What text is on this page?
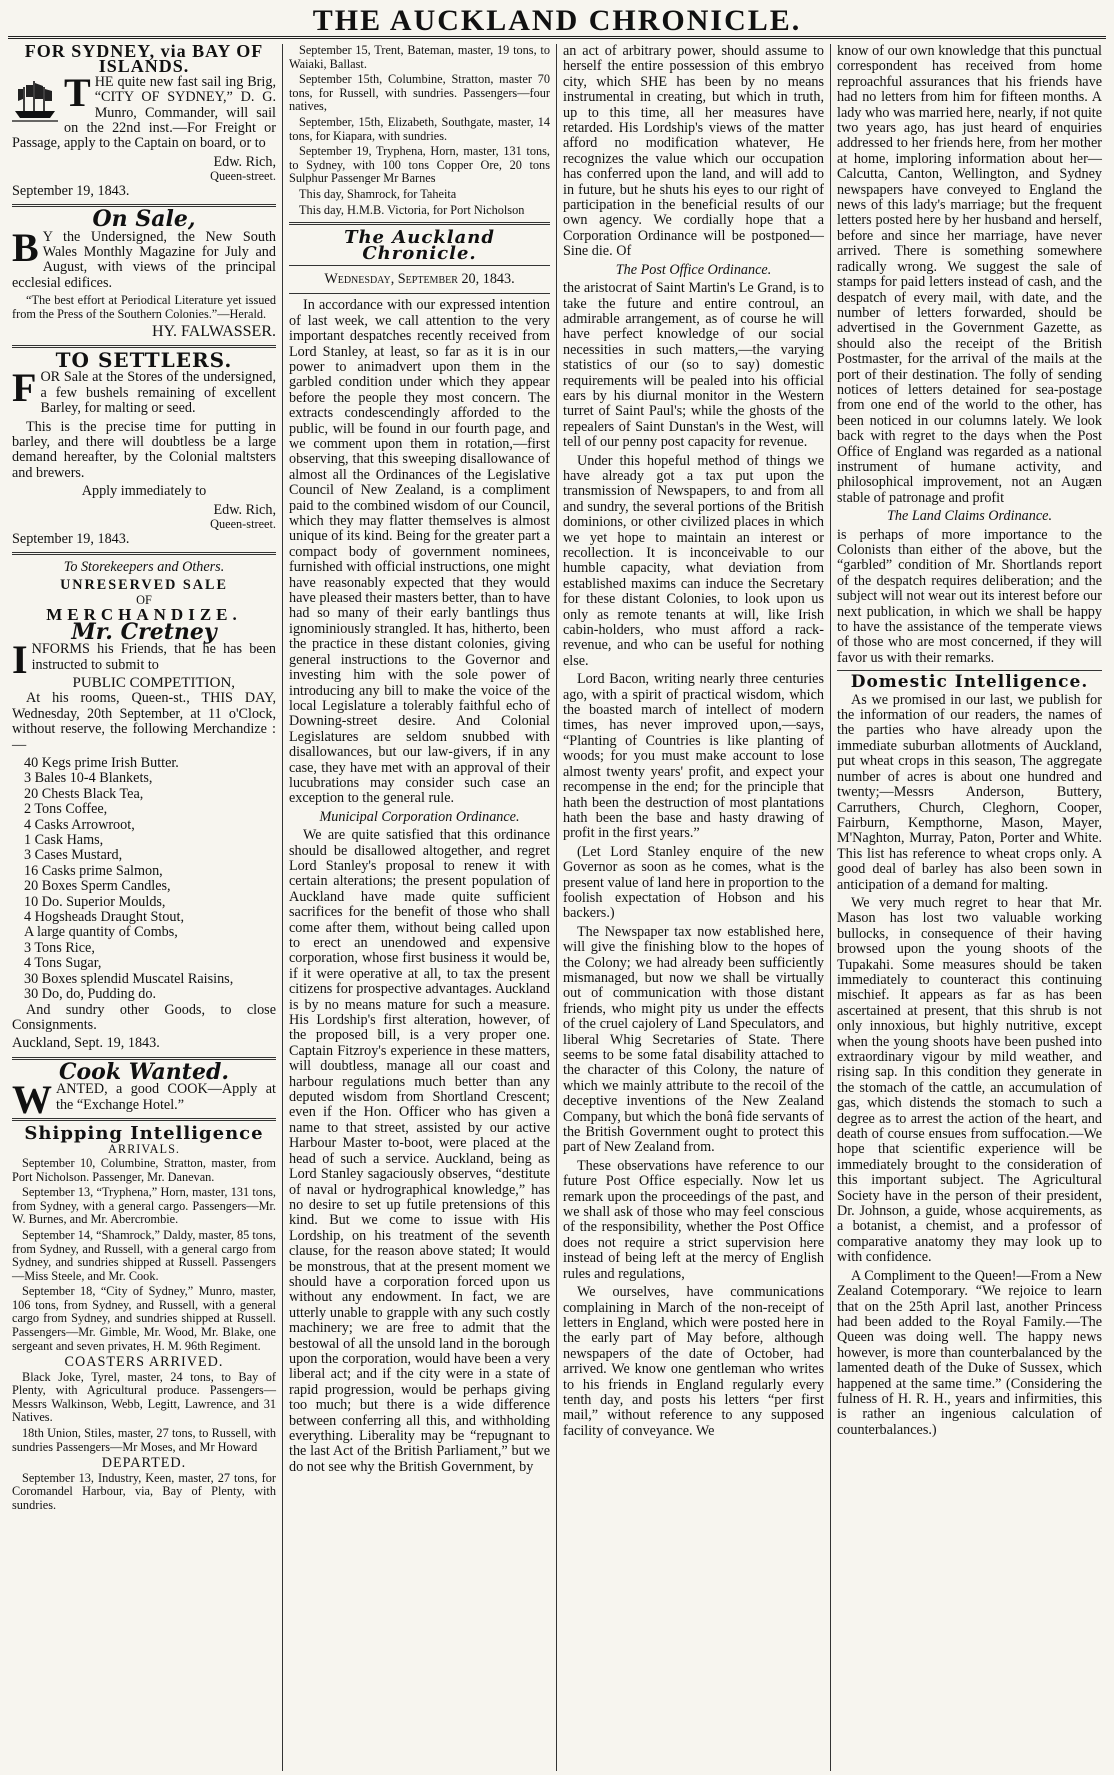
THE AUCKLAND CHRONICLE.
FOR SYDNEY, via BAY OF ISLANDS.

THE quite new fast sail ing Brig, “CITY OF SYDNEY,” D. G. Munro, Commander, will sail on the 22nd inst.—For Freight or Passage, apply to the Captain on board, or to

Edw. Rich,
Queen-street.
September 19, 1843.
On Sale,

B Y the Undersigned, the New South Wales Monthly Magazine for July and August, with views of the principal ecclesial edifices.

“The best effort at Periodical Literature yet issued from the Press of the Southern Colonies.”—Herald.

HY. FALWASSER.
TO SETTLERS.

FOR Sale at the Stores of the undersigned, a few bushels remaining of excellent Barley, for malting or seed.

This is the precise time for putting in barley, and there will doubtless be a large demand hereafter, by the Colonial maltsters and brewers.

Apply immediately to

Edw. Rich,
Queen-street.
September 19, 1843.
To Storekeepers and Others.
UNRESERVED SALE
OF
MERCHANDIZE.
Mr. Cretney

INFORMS his Friends, that he has been instructed to submit to

PUBLIC COMPETITION,

At his rooms, Queen-st., THIS DAY, Wednesday, 20th September, at 11 o'Clock, without reserve, the following Merchandize :—

40 Kegs prime Irish Butter.
3 Bales 10-4 Blankets,
20 Chests Black Tea,
2 Tons Coffee,
4 Casks Arrowroot,
1 Cask Hams,
3 Cases Mustard,
16 Casks prime Salmon,
20 Boxes Sperm Candles,
10 Do. Superior Moulds,
4 Hogsheads Draught Stout,
A large quantity of Combs,
3 Tons Rice,
4 Tons Sugar,
30 Boxes splendid Muscatel Raisins,
30 Do, do, Pudding do.

And sundry other Goods, to close Consignments.

Auckland, Sept. 19, 1843.
Cook Wanted.

WANTED, a good COOK—Apply at the “Exchange Hotel.”

Shipping Intelligence
ARRIVALS.

September 10, Columbine, Stratton, master, from Port Nicholson. Passenger, Mr. Danevan.

September 13, “Tryphena,” Horn, master, 131 tons, from Sydney, with a general cargo. Passengers—Mr. W. Burnes, and Mr. Abercrombie.

September 14, “Shamrock,” Daldy, master, 85 tons, from Sydney, and Russell, with a general cargo from Sydney, and sundries shipped at Russell. Passengers—Miss Steele, and Mr. Cook.

September 18, “City of Sydney,” Munro, master, 106 tons, from Sydney, and Russell, with a general cargo from Sydney, and sundries shipped at Russell. Passengers—Mr. Gimble, Mr. Wood, Mr. Blake, one sergeant and seven privates, H. M. 96th Regiment.

COASTERS ARRIVED.

Black Joke, Tyrel, master, 24 tons, to Bay of Plenty, with Agricultural produce. Passengers—Messrs Walkinson, Webb, Legitt, Lawrence, and 31 Natives.

18th Union, Stiles, master, 27 tons, to Russell, with sundries Passengers—Mr Moses, and Mr Howard

DEPARTED.

September 13, Industry, Keen, master, 27 tons, for Coromandel Harbour, via, Bay of Plenty, with sundries.

September 15, Trent, Bateman, master, 19 tons, to Waiaki, Ballast.

September 15th, Columbine, Stratton, master 70 tons, for Russell, with sundries. Passengers—four natives,

September, 15th, Elizabeth, Southgate, master, 14 tons, for Kiapara, with sundries.

September 19, Tryphena, Horn, master, 131 tons, to Sydney, with 100 tons Copper Ore, 20 tons Sulphur Passenger Mr Barnes

This day, Shamrock, for Taheita

This day, H.M.B. Victoria, for Port Nicholson

The Auckland Chronicle.
Wednesday, September 20, 1843.

In accordance with our expressed intention of last week, we call attention to the very important despatches recently received from Lord Stanley, at least, so far as it is in our power to animadvert upon them in the garbled condition under which they appear before the people they most concern. The extracts condescendingly afforded to the public, will be found in our fourth page, and we comment upon them in rotation,—first observing, that this sweeping disallowance of almost all the Ordinances of the Legislative Council of New Zealand, is a compliment paid to the combined wisdom of our Council, which they may flatter themselves is almost unique of its kind. Being for the greater part a compact body of government nominees, furnished with official instructions, one might have reasonably expected that they would have pleased their masters better, than to have had so many of their early bantlings thus ignominiously strangled. It has, hitherto, been the practice in these distant colonies, giving general instructions to the Governor and investing him with the sole power of introducing any bill to make the voice of the local Legislature a tolerably faithful echo of Downing-street desire. And Colonial Legislatures are seldom snubbed with disallowances, but our law-givers, if in any case, they have met with an approval of their lucubrations may consider such case an exception to the general rule.

Municipal Corporation Ordinance.

We are quite satisfied that this ordinance should be disallowed altogether, and regret Lord Stanley's proposal to renew it with certain alterations; the present population of Auckland have made quite sufficient sacrifices for the benefit of those who shall come after them, without being called upon to erect an unendowed and expensive corporation, whose first business it would be, if it were operative at all, to tax the present citizens for prospective advantages. Auckland is by no means mature for such a measure. His Lordship's first alteration, however, of the proposed bill, is a very proper one. Captain Fitzroy's experience in these matters, will doubtless, manage all our coast and harbour regulations much better than any deputed wisdom from Shortland Crescent; even if the Hon. Officer who has given a name to that street, assisted by our active Harbour Master to-boot, were placed at the head of such a service. Auckland, being as Lord Stanley sagaciously observes, “destitute of naval or hydrographical knowledge,” has no desire to set up futile pretensions of this kind. But we come to issue with His Lordship, on his treatment of the seventh clause, for the reason above stated; It would be monstrous, that at the present moment we should have a corporation forced upon us without any endowment. In fact, we are utterly unable to grapple with any such costly machinery; we are free to admit that the bestowal of all the unsold land in the borough upon the corporation, would have been a very liberal act; and if the city were in a state of rapid progression, would be perhaps giving too much; but there is a wide difference between conferring all this, and withholding everything. Liberality may be “repugnant to the last Act of the British Parliament,” but we do not see why the British Government, by

an act of arbitrary power, should assume to herself the entire possession of this embryo city, which SHE has been by no means instrumental in creating, but which in truth, up to this time, all her measures have retarded. His Lordship's views of the matter afford no modification whatever, He recognizes the value which our occupation has conferred upon the land, and will add to in future, but he shuts his eyes to our right of participation in the beneficial results of our own agency. We cordially hope that a Corporation Ordinance will be postponed—Sine die. Of

The Post Office Ordinance.

the aristocrat of Saint Martin's Le Grand, is to take the future and entire controul, an admirable arrangement, as of course he will have perfect knowledge of our social necessities in such matters,—the varying statistics of our (so to say) domestic requirements will be pealed into his official ears by his diurnal monitor in the Western turret of Saint Paul's; while the ghosts of the repealers of Saint Dunstan's in the West, will tell of our penny post capacity for revenue.

Under this hopeful method of things we have already got a tax put upon the transmission of Newspapers, to and from all and sundry, the several portions of the British dominions, or other civilized places in which we yet hope to maintain an interest or recollection. It is inconceivable to our humble capacity, what deviation from established maxims can induce the Secretary for these distant Colonies, to look upon us only as remote tenants at will, like Irish cabin-holders, who must afford a rack-revenue, and who can be useful for nothing else.

Lord Bacon, writing nearly three centuries ago, with a spirit of practical wisdom, which the boasted march of intellect of modern times, has never improved upon,—says, “Planting of Countries is like planting of woods; for you must make account to lose almost twenty years' profit, and expect your recompense in the end; for the principle that hath been the destruction of most plantations hath been the base and hasty drawing of profit in the first years.”

(Let Lord Stanley enquire of the new Governor as soon as he comes, what is the present value of land here in proportion to the foolish expectation of Hobson and his backers.)

The Newspaper tax now established here, will give the finishing blow to the hopes of the Colony; we had already been sufficiently mismanaged, but now we shall be virtually out of communication with those distant friends, who might pity us under the effects of the cruel cajolery of Land Speculators, and liberal Whig Secretaries of State. There seems to be some fatal disability attached to the character of this Colony, the nature of which we mainly attribute to the recoil of the deceptive inventions of the New Zealand Company, but which the bonâ fide servants of the British Government ought to protect this part of New Zealand from.

These observations have reference to our future Post Office especially. Now let us remark upon the proceedings of the past, and we shall ask of those who may feel conscious of the responsibility, whether the Post Office does not require a strict supervision here instead of being left at the mercy of English rules and regulations,

We ourselves, have communications complaining in March of the non-receipt of letters in England, which were posted here in the early part of May before, although newspapers of the date of October, had arrived. We know one gentleman who writes to his friends in England regularly every tenth day, and posts his letters “per first mail,” without reference to any supposed facility of conveyance. We

know of our own knowledge that this punctual correspondent has received from home reproachful assurances that his friends have had no letters from him for fifteen months. A lady who was married here, nearly, if not quite two years ago, has just heard of enquiries addressed to her friends here, from her mother at home, imploring information about her—Calcutta, Canton, Wellington, and Sydney newspapers have conveyed to England the news of this lady's marriage; but the frequent letters posted here by her husband and herself, before and since her marriage, have never arrived. There is something somewhere radically wrong. We suggest the sale of stamps for paid letters instead of cash, and the despatch of every mail, with date, and the number of letters forwarded, should be advertised in the Government Gazette, as should also the receipt of the British Postmaster, for the arrival of the mails at the port of their destination. The folly of sending notices of letters detained for sea-postage from one end of the world to the other, has been noticed in our columns lately. We look back with regret to the days when the Post Office of England was regarded as a national instrument of humane activity, and philosophical improvement, not an Augæn stable of patronage and profit

The Land Claims Ordinance.

is perhaps of more importance to the Colonists than either of the above, but the “garbled” condition of Mr. Shortlands report of the despatch requires deliberation; and the subject will not wear out its interest before our next publication, in which we shall be happy to have the assistance of the temperate views of those who are most concerned, if they will favor us with their remarks.

Domestic Intelligence.

As we promised in our last, we publish for the information of our readers, the names of the parties who have already upon the immediate suburban allotments of Auckland, put wheat crops in this season, The aggregate number of acres is about one hundred and twenty;—Messrs Anderson, Buttery, Carruthers, Church, Cleghorn, Cooper, Fairburn, Kempthorne, Mason, Mayer, M'Naghton, Murray, Paton, Porter and White. This list has reference to wheat crops only. A good deal of barley has also been sown in anticipation of a demand for malting.

We very much regret to hear that Mr. Mason has lost two valuable working bullocks, in consequence of their having browsed upon the young shoots of the Tupakahi. Some measures should be taken immediately to counteract this continuing mischief. It appears as far as has been ascertained at present, that this shrub is not only innoxious, but highly nutritive, except when the young shoots have been pushed into extraordinary vigour by mild weather, and rising sap. In this condition they generate in the stomach of the cattle, an accumulation of gas, which distends the stomach to such a degree as to arrest the action of the heart, and death of course ensues from suffocation.—We hope that scientific experience will be immediately brought to the consideration of this important subject. The Agricultural Society have in the person of their president, Dr. Johnson, a guide, whose acquirements, as a botanist, a chemist, and a professor of comparative anatomy they may look up to with confidence.

A Compliment to the Queen!—From a New Zealand Cotemporary. “We rejoice to learn that on the 25th April last, another Princess had been added to the Royal Family.—The Queen was doing well. The happy news however, is more than counterbalanced by the lamented death of the Duke of Sussex, which happened at the same time.” (Considering the fulness of H. R. H., years and infirmities, this is rather an ingenious calculation of counterbalances.)
